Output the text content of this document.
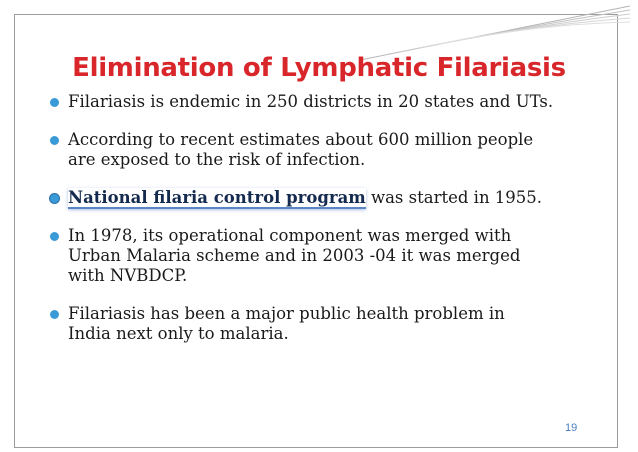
Elimination of Lymphatic Filariasis
Filariasis is endemic in 250 districts in 20 states and UTs.
According to recent estimates about 600 million people
are exposed to the risk of infection.
National filaria control program was started in 1955.
In 1978, its operational component was merged with
Urban Malaria scheme and in 2003 -04 it was merged
with NVBDCP.
Filariasis has been a major public health problem in
India next only to malaria.
19
